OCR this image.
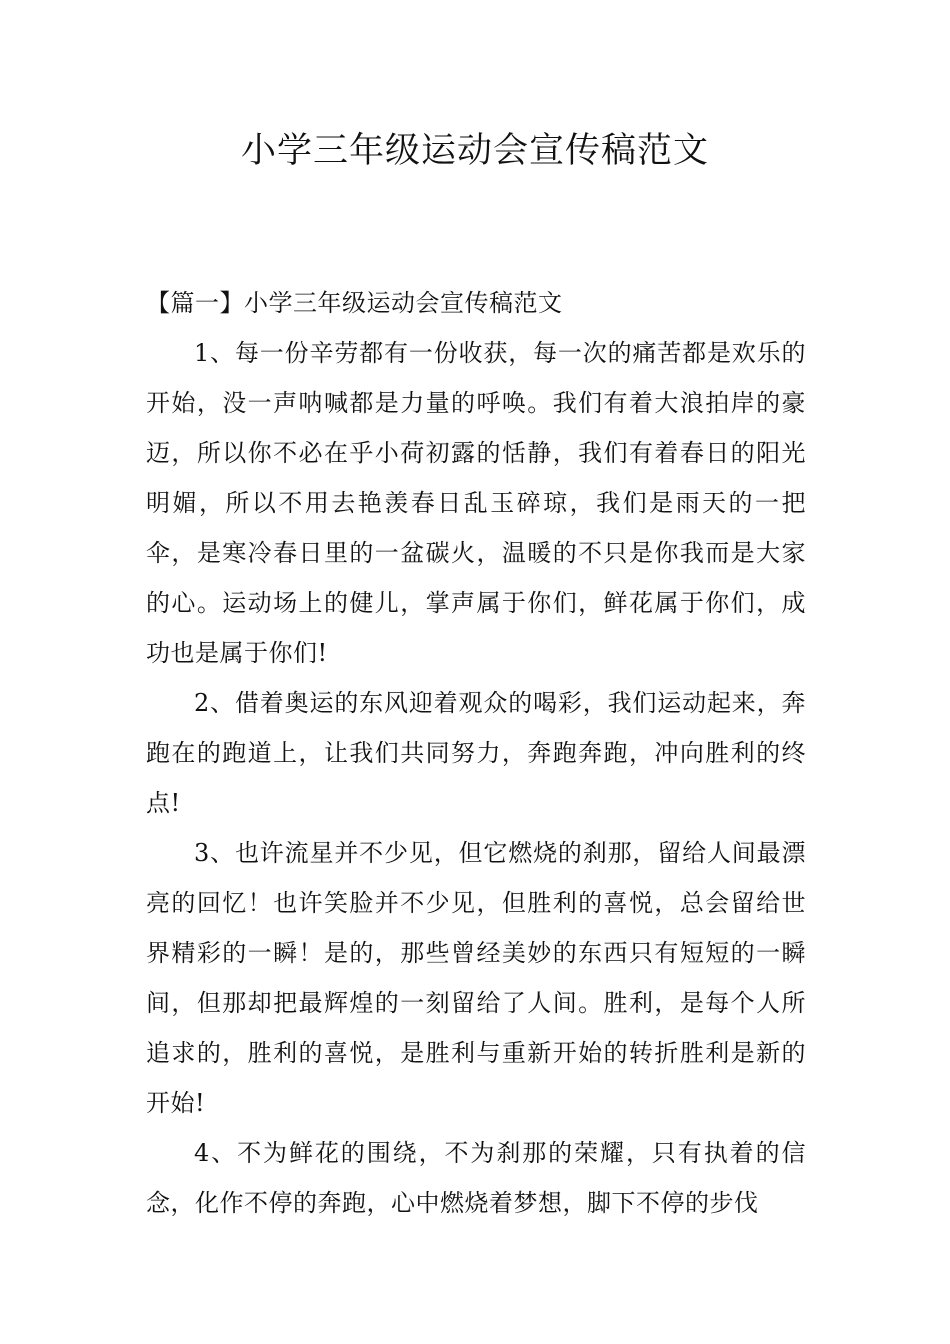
小学三年级运动会宣传稿范文

【篇一】小学三年级运动会宣传稿范文

1、每一份辛劳都有一份收获，每一次的痛苦都是欢乐的开始，没一声呐喊都是力量的呼唤。我们有着大浪拍岸的豪迈，所以你不必在乎小荷初露的恬静，我们有着春日的阳光明媚，所以不用去艳羡春日乱玉碎琼，我们是雨天的一把伞，是寒冷春日里的一盆碳火，温暖的不只是你我而是大家的心。运动场上的健儿，掌声属于你们，鲜花属于你们，成功也是属于你们!

2、借着奥运的东风迎着观众的喝彩，我们运动起来，奔跑在的跑道上，让我们共同努力，奔跑奔跑，冲向胜利的终点!

3、也许流星并不少见，但它燃烧的刹那，留给人间最漂亮的回忆！也许笑脸并不少见，但胜利的喜悦，总会留给世界精彩的一瞬！是的，那些曾经美妙的东西只有短短的一瞬间，但那却把最辉煌的一刻留给了人间。胜利，是每个人所追求的，胜利的喜悦，是胜利与重新开始的转折胜利是新的开始!

4、不为鲜花的围绕，不为刹那的荣耀，只有执着的信念，化作不停的奔跑，心中燃烧着梦想，脚下不停的步伐
